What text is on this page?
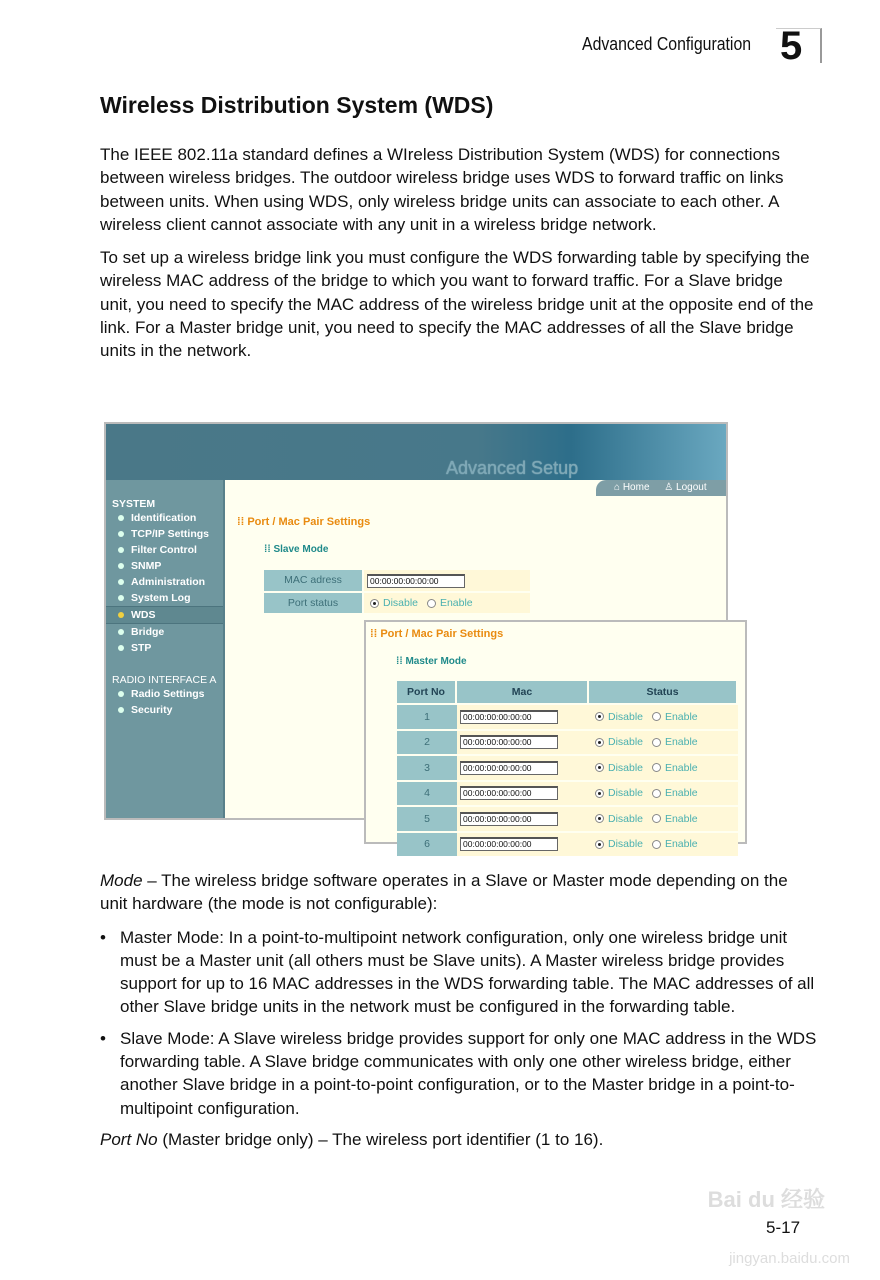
Advanced Configuration 5
Wireless Distribution System (WDS)

The IEEE 802.11a standard defines a WIreless Distribution System (WDS) for connections between wireless bridges. The outdoor wireless bridge uses WDS to forward traffic on links between units. When using WDS, only wireless bridge units can associate to each other. A wireless client cannot associate with any unit in a wireless bridge network.

To set up a wireless bridge link you must configure the WDS forwarding table by specifying the wireless MAC address of the bridge to which you want to forward traffic. For a Slave bridge unit, you need to specify the MAC address of the wireless bridge unit at the opposite end of the link. For a Master bridge unit, you need to specify the MAC addresses of all the Slave bridge units in the network.

Advanced Setup
⌂ Home ♙ Logout
SYSTEM
Identification
TCP/IP Settings
Filter Control
SNMP
Administration
System Log
WDS
Bridge
STP
RADIO INTERFACE A
Radio Settings
Security
⁞⁞ Port / Mac Pair Settings
⁞⁞ Slave Mode
MAC adress	00:00:00:00:00:00
Port status	Disable Enable
⁞⁞ Port / Mac Pair Settings
⁞⁞ Master Mode
Port No	Mac	Status
1	00:00:00:00:00:00	Disable Enable
2	00:00:00:00:00:00	Disable Enable
3	00:00:00:00:00:00	Disable Enable
4	00:00:00:00:00:00	Disable Enable
5	00:00:00:00:00:00	Disable Enable
6	00:00:00:00:00:00	Disable Enable

Mode – The wireless bridge software operates in a Slave or Master mode depending on the unit hardware (the mode is not configurable):

• Master Mode: In a point-to-multipoint network configuration, only one wireless bridge unit must be a Master unit (all others must be Slave units). A Master wireless bridge provides support for up to 16 MAC addresses in the WDS forwarding table. The MAC addresses of all other Slave bridge units in the network must be configured in the forwarding table.
• Slave Mode: A Slave wireless bridge provides support for only one MAC address in the WDS forwarding table. A Slave bridge communicates with only one other wireless bridge, either another Slave bridge in a point-to-point configuration, or to the Master bridge in a point-to-multipoint configuration.

Port No (Master bridge only) – The wireless port identifier (1 to 16).

Bai du 经验
jingyan.baidu.com
5-17
